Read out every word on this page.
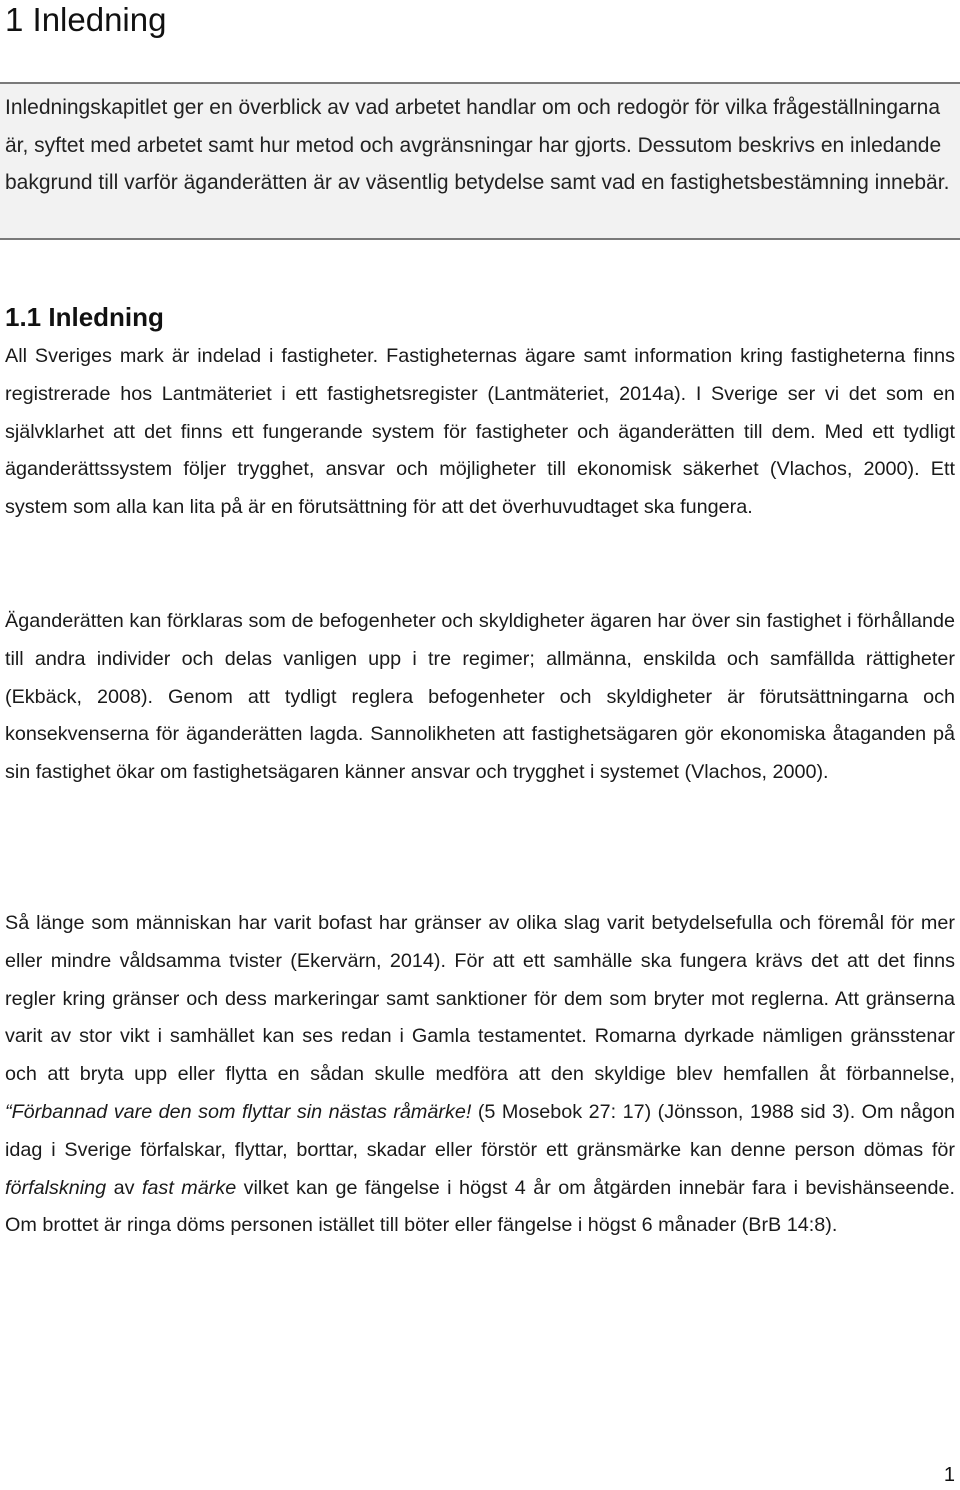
1 Inledning

Inledningskapitlet ger en överblick av vad arbetet handlar om och redogör för vilka frågeställningarna är, syftet med arbetet samt hur metod och avgränsningar har gjorts. Dessutom beskrivs en inledande bakgrund till varför äganderätten är av väsentlig betydelse samt vad en fastighetsbestämning innebär.

1.1 Inledning

All Sveriges mark är indelad i fastigheter. Fastigheternas ägare samt information kring fastigheterna finns registrerade hos Lantmäteriet i ett fastighetsregister (Lantmäteriet, 2014a). I Sverige ser vi det som en självklarhet att det finns ett fungerande system för fastigheter och äganderätten till dem. Med ett tydligt äganderättssystem följer trygghet, ansvar och möjligheter till ekonomisk säkerhet (Vlachos, 2000). Ett system som alla kan lita på är en förutsättning för att det överhuvudtaget ska fungera.

Äganderätten kan förklaras som de befogenheter och skyldigheter ägaren har över sin fastighet i förhållande till andra individer och delas vanligen upp i tre regimer; allmänna, enskilda och samfällda rättigheter (Ekbäck, 2008). Genom att tydligt reglera befogenheter och skyldigheter är förutsättningarna och konsekvenserna för äganderätten lagda. Sannolikheten att fastighetsägaren gör ekonomiska åtaganden på sin fastighet ökar om fastighetsägaren känner ansvar och trygghet i systemet (Vlachos, 2000).

Så länge som människan har varit bofast har gränser av olika slag varit betydelsefulla och föremål för mer eller mindre våldsamma tvister (Ekervärn, 2014). För att ett samhälle ska fungera krävs det att det finns regler kring gränser och dess markeringar samt sanktioner för dem som bryter mot reglerna. Att gränserna varit av stor vikt i samhället kan ses redan i Gamla testamentet. Romarna dyrkade nämligen gränsstenar och att bryta upp eller flytta en sådan skulle medföra att den skyldige blev hemfallen åt förbannelse, “Förbannad vare den som flyttar sin nästas råmärke! (5 Mosebok 27: 17) (Jönsson, 1988 sid 3). Om någon idag i Sverige förfalskar, flyttar, borttar, skadar eller förstör ett gränsmärke kan denne person dömas för förfalskning av fast märke vilket kan ge fängelse i högst 4 år om åtgärden innebär fara i bevishänseende. Om brottet är ringa döms personen istället till böter eller fängelse i högst 6 månader (BrB 14:8).

1
